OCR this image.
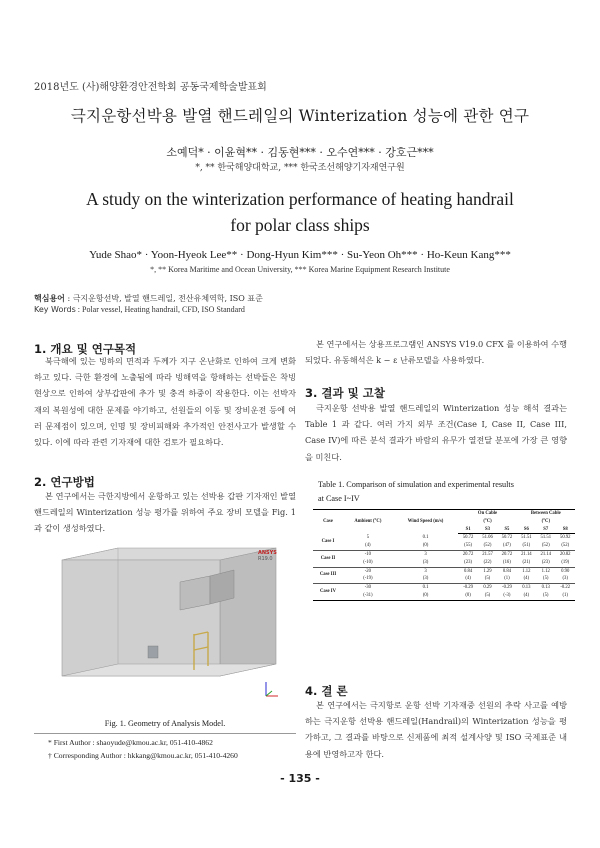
2018년도 (사)해양환경안전학회 공동국제학술발표회
극지운항선박용 발열 핸드레일의 Winterization 성능에 관한 연구
소예덕* · 이윤혁** · 김동현*** · 오수연*** · 강호근***
*, ** 한국해양대학교, *** 한국조선해양기자재연구원
A study on the winterization performance of heating handrail
for polar class ships
Yude Shao* · Yoon-Hyeok Lee** · Dong-Hyun Kim*** · Su-Yeon Oh*** · Ho-Keun Kang***
*, ** Korea Maritime and Ocean University, *** Korea Marine Equipment Research Institute
핵심용어 : 극지운항선박, 발열 핸드레일, 전산유체역학, ISO 표준
Key Words : Polar vessel, Heating handrail, CFD, ISO Standard
1. 개요 및 연구목적

북극해에 있는 빙하의 면적과 두께가 지구 온난화로 인하여 크게 변화하고 있다. 극한 환경에 노출됨에 따라 빙해역을 항해하는 선박들은 착빙현상으로 인하여 상부갑판에 추가 및 충격 하중이 작용한다. 이는 선박자재의 복원성에 대한 문제를 야기하고, 선원들의 이동 및 장비운전 등에 여러 문제점이 있으며, 인명 및 장비피해와 추가적인 안전사고가 발생할 수 있다. 이에 따라 관련 기자재에 대한 검토가 필요하다.

2. 연구방법

본 연구에서는 극한지방에서 운항하고 있는 선박용 갑판 기자재인 발열 핸드레일의 Winterization 성능 평가를 위하여 주요 장비 모델을 Fig. 1 과 같이 생성하였다.

ANSYS
R19.0
Fig. 1. Geometry of Analysis Model.
* First Author : shaoyude@kmou.ac.kr, 051-410-4862
† Corresponding Author : hkkang@kmou.ac.kr, 051-410-4260

본 연구에서는 상용프로그램인 ANSYS V19.0 CFX 를 이용하여 수행되었다. 유동해석은 k − ε 난류모델을 사용하였다.

3. 결과 및 고찰

극지운항 선박용 발열 핸드레일의 Winterization 성능 해석 결과는 Table 1 과 같다. 여러 가지 외부 조건(Case I, Case II, Case III, Case IV)에 따른 분석 결과가 바람의 유무가 열전달 분포에 가장 큰 영향을 미친다.

Table 1. Comparison of simulation and experimental results
at Case I~IV
Case	Ambient (°C)	Wind Speed (m/s)	On Cable			Between Cable		
			(°C)			(°C)		
			S1	S3	S5	S6	S7	S8
Case I	5	0.1	50.72	51.06	50.72	51.51	51.51	50.92
	(4)	(0)	(55)	(52)	(47)	(51)	(52)	(52)
Case II	-10	3	20.72	21.57	20.72	21.14	21.14	20.82
	(-10)	(3)	(23)	(22)	(16)	(21)	(23)	(19)
Case III	-20	3	0.84	1.29	0.84	1.12	1.12	0.90
	(-19)	(3)	(4)	(5)	(1)	(4)	(5)	(3)
Case IV	-30	0.1	-0.29	0.29	-0.29	0.13	0.13	-0.22
	(-31)	(0)	(0)	(5)	(-3)	(4)	(5)	(1)
4. 결 론

본 연구에서는 극지항로 운항 선박 기자재중 선원의 추락 사고를 예방하는 극지운항 선박용 핸드레일(Handrail)의 Winterization 성능을 평가하고, 그 결과를 바탕으로 신제품에 최적 설계사양 및 ISO 국제표준 내용에 반영하고자 한다.

- 135 -
